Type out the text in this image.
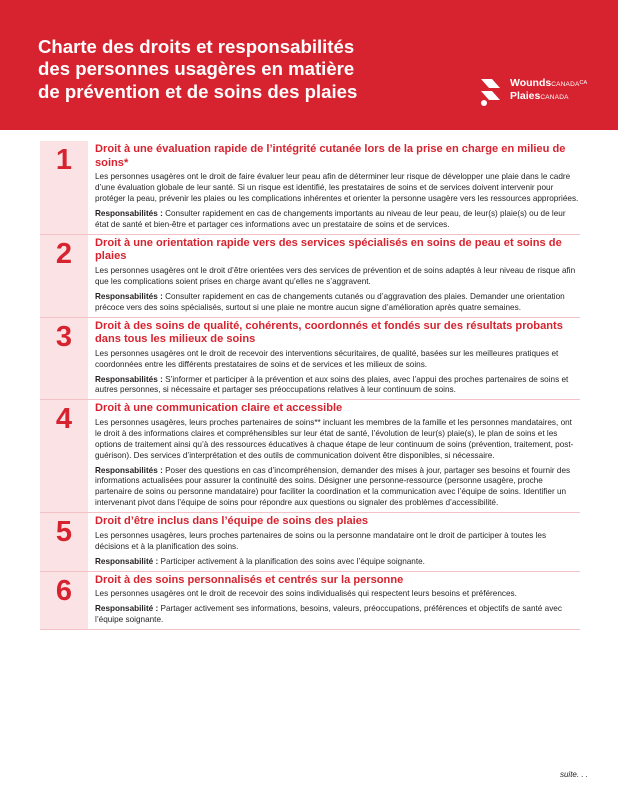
Charte des droits et responsabilités
des personnes usagères en matière
de prévention et de soins des plaies	WoundsCANADA$^{CA}$
PlaiesCANADA
1	Droit à une évaluation rapide de l’intégrité cutanée lors de la prise en charge en milieu de soins*

Les personnes usagères ont le droit de faire évaluer leur peau afin de déterminer leur risque de développer une plaie dans le cadre d’une évaluation globale de leur santé. Si un risque est identifié, les prestataires de soins et de services doivent intervenir pour protéger la peau, prévenir les plaies ou les complications inhérentes et orienter la personne usagère vers les ressources appropriées.

Responsabilités : Consulter rapidement en cas de changements importants au niveau de leur peau, de leur(s) plaie(s) ou de leur état de santé et bien-être et partager ces informations avec un prestataire de soins et de services.

2	Droit à une orientation rapide vers des services spécialisés en soins de peau et soins de plaies

Les personnes usagères ont le droit d’être orientées vers des services de prévention et de soins adaptés à leur niveau de risque afin que les complications soient prises en charge avant qu’elles ne s’aggravent.

Responsabilités : Consulter rapidement en cas de changements cutanés ou d’aggravation des plaies. Demander une orientation précoce vers des soins spécialisés, surtout si une plaie ne montre aucun signe d’amélioration après quatre semaines.

3	Droit à des soins de qualité, cohérents, coordonnés et fondés sur des résultats probants dans tous les milieux de soins

Les personnes usagères ont le droit de recevoir des interventions sécuritaires, de qualité, basées sur les meilleures pratiques et coordonnées entre les différents prestataires de soins et de services et les milieux de soins.

Responsabilités : S’informer et participer à la prévention et aux soins des plaies, avec l’appui des proches partenaires de soins et autres personnes, si nécessaire et partager ses préoccupations relatives à leur continuum de soins.

4	Droit à une communication claire et accessible

Les personnes usagères, leurs proches partenaires de soins** incluant les membres de la famille et les personnes mandataires, ont le droit à des informations claires et compréhensibles sur leur état de santé, l’évolution de leur(s) plaie(s), le plan de soins et les options de traitement ainsi qu’à des ressources éducatives à chaque étape de leur continuum de soins (prévention, traitement, post-guérison). Des services d’interprétation et des outils de communication doivent être disponibles, si nécessaire.

Responsabilités : Poser des questions en cas d’incompréhension, demander des mises à jour, partager ses besoins et fournir des informations actualisées pour assurer la continuité des soins. Désigner une personne-ressource (personne usagère, proche partenaire de soins ou personne mandataire) pour faciliter la coordination et la communication avec l’équipe de soins. Identifier un intervenant pivot dans l’équipe de soins pour répondre aux questions ou signaler des problèmes d’accessibilité.

5	Droit d’être inclus dans l’équipe de soins des plaies

Les personnes usagères, leurs proches partenaires de soins ou la personne mandataire ont le droit de participer à toutes les décisions et à la planification des soins.

Responsabilité : Participer activement à la planification des soins avec l’équipe soignante.

6	Droit à des soins personnalisés et centrés sur la personne

Les personnes usagères ont le droit de recevoir des soins individualisés qui respectent leurs besoins et préférences.

Responsabilité : Partager activement ses informations, besoins, valeurs, préoccupations, préférences et objectifs de santé avec l’équipe soignante.

suite. . .
